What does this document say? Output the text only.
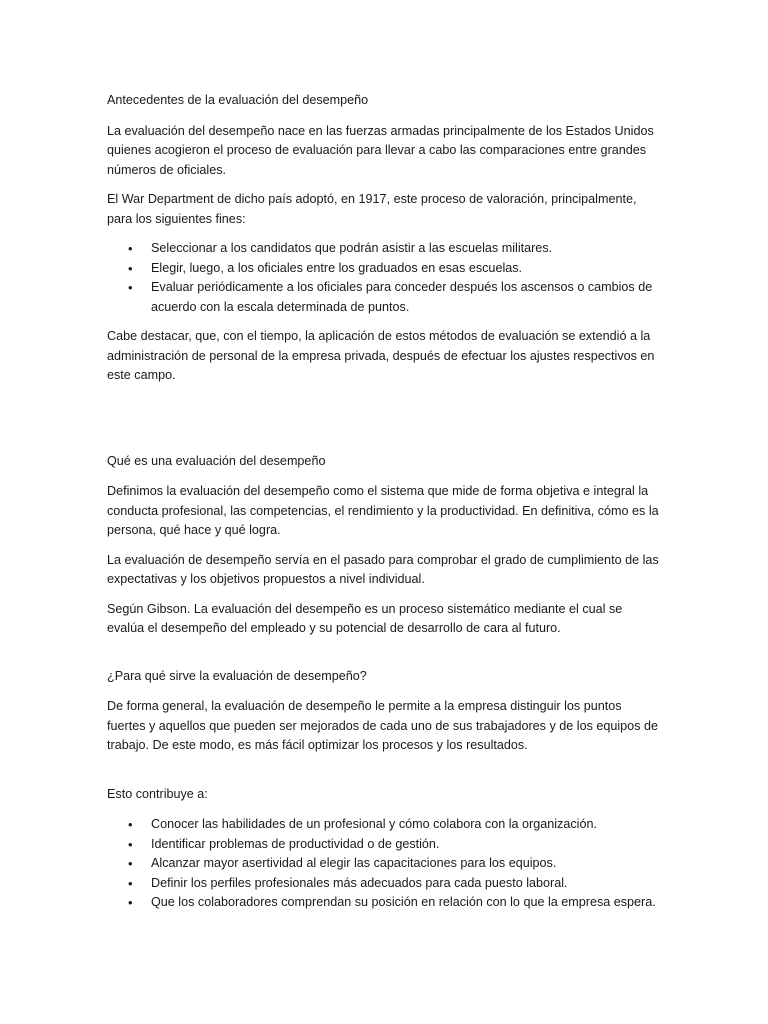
Antecedentes de la evaluación del desempeño

La evaluación del desempeño nace en las fuerzas armadas principalmente de los Estados Unidos quienes acogieron el proceso de evaluación para llevar a cabo las comparaciones entre grandes números de oficiales.

El War Department de dicho país adoptó, en 1917, este proceso de valoración, principalmente, para los siguientes fines:

• Seleccionar a los candidatos que podrán asistir a las escuelas militares.
• Elegir, luego, a los oficiales entre los graduados en esas escuelas.
• Evaluar periódicamente a los oficiales para conceder después los ascensos o cambios de acuerdo con la escala determinada de puntos.

Cabe destacar, que, con el tiempo, la aplicación de estos métodos de evaluación se extendió a la administración de personal de la empresa privada, después de efectuar los ajustes respectivos en este campo.

Qué es una evaluación del desempeño

Definimos la evaluación del desempeño como el sistema que mide de forma objetiva e integral la conducta profesional, las competencias, el rendimiento y la productividad. En definitiva, cómo es la persona, qué hace y qué logra.

La evaluación de desempeño servía en el pasado para comprobar el grado de cumplimiento de las expectativas y los objetivos propuestos a nivel individual.

Según Gibson. La evaluación del desempeño es un proceso sistemático mediante el cual se evalúa el desempeño del empleado y su potencial de desarrollo de cara al futuro.

¿Para qué sirve la evaluación de desempeño?

De forma general, la evaluación de desempeño le permite a la empresa distinguir los puntos fuertes y aquellos que pueden ser mejorados de cada uno de sus trabajadores y de los equipos de trabajo. De este modo, es más fácil optimizar los procesos y los resultados.

Esto contribuye a:
• Conocer las habilidades de un profesional y cómo colabora con la organización.
• Identificar problemas de productividad o de gestión.
• Alcanzar mayor asertividad al elegir las capacitaciones para los equipos.
• Definir los perfiles profesionales más adecuados para cada puesto laboral.
• Que los colaboradores comprendan su posición en relación con lo que la empresa espera.
